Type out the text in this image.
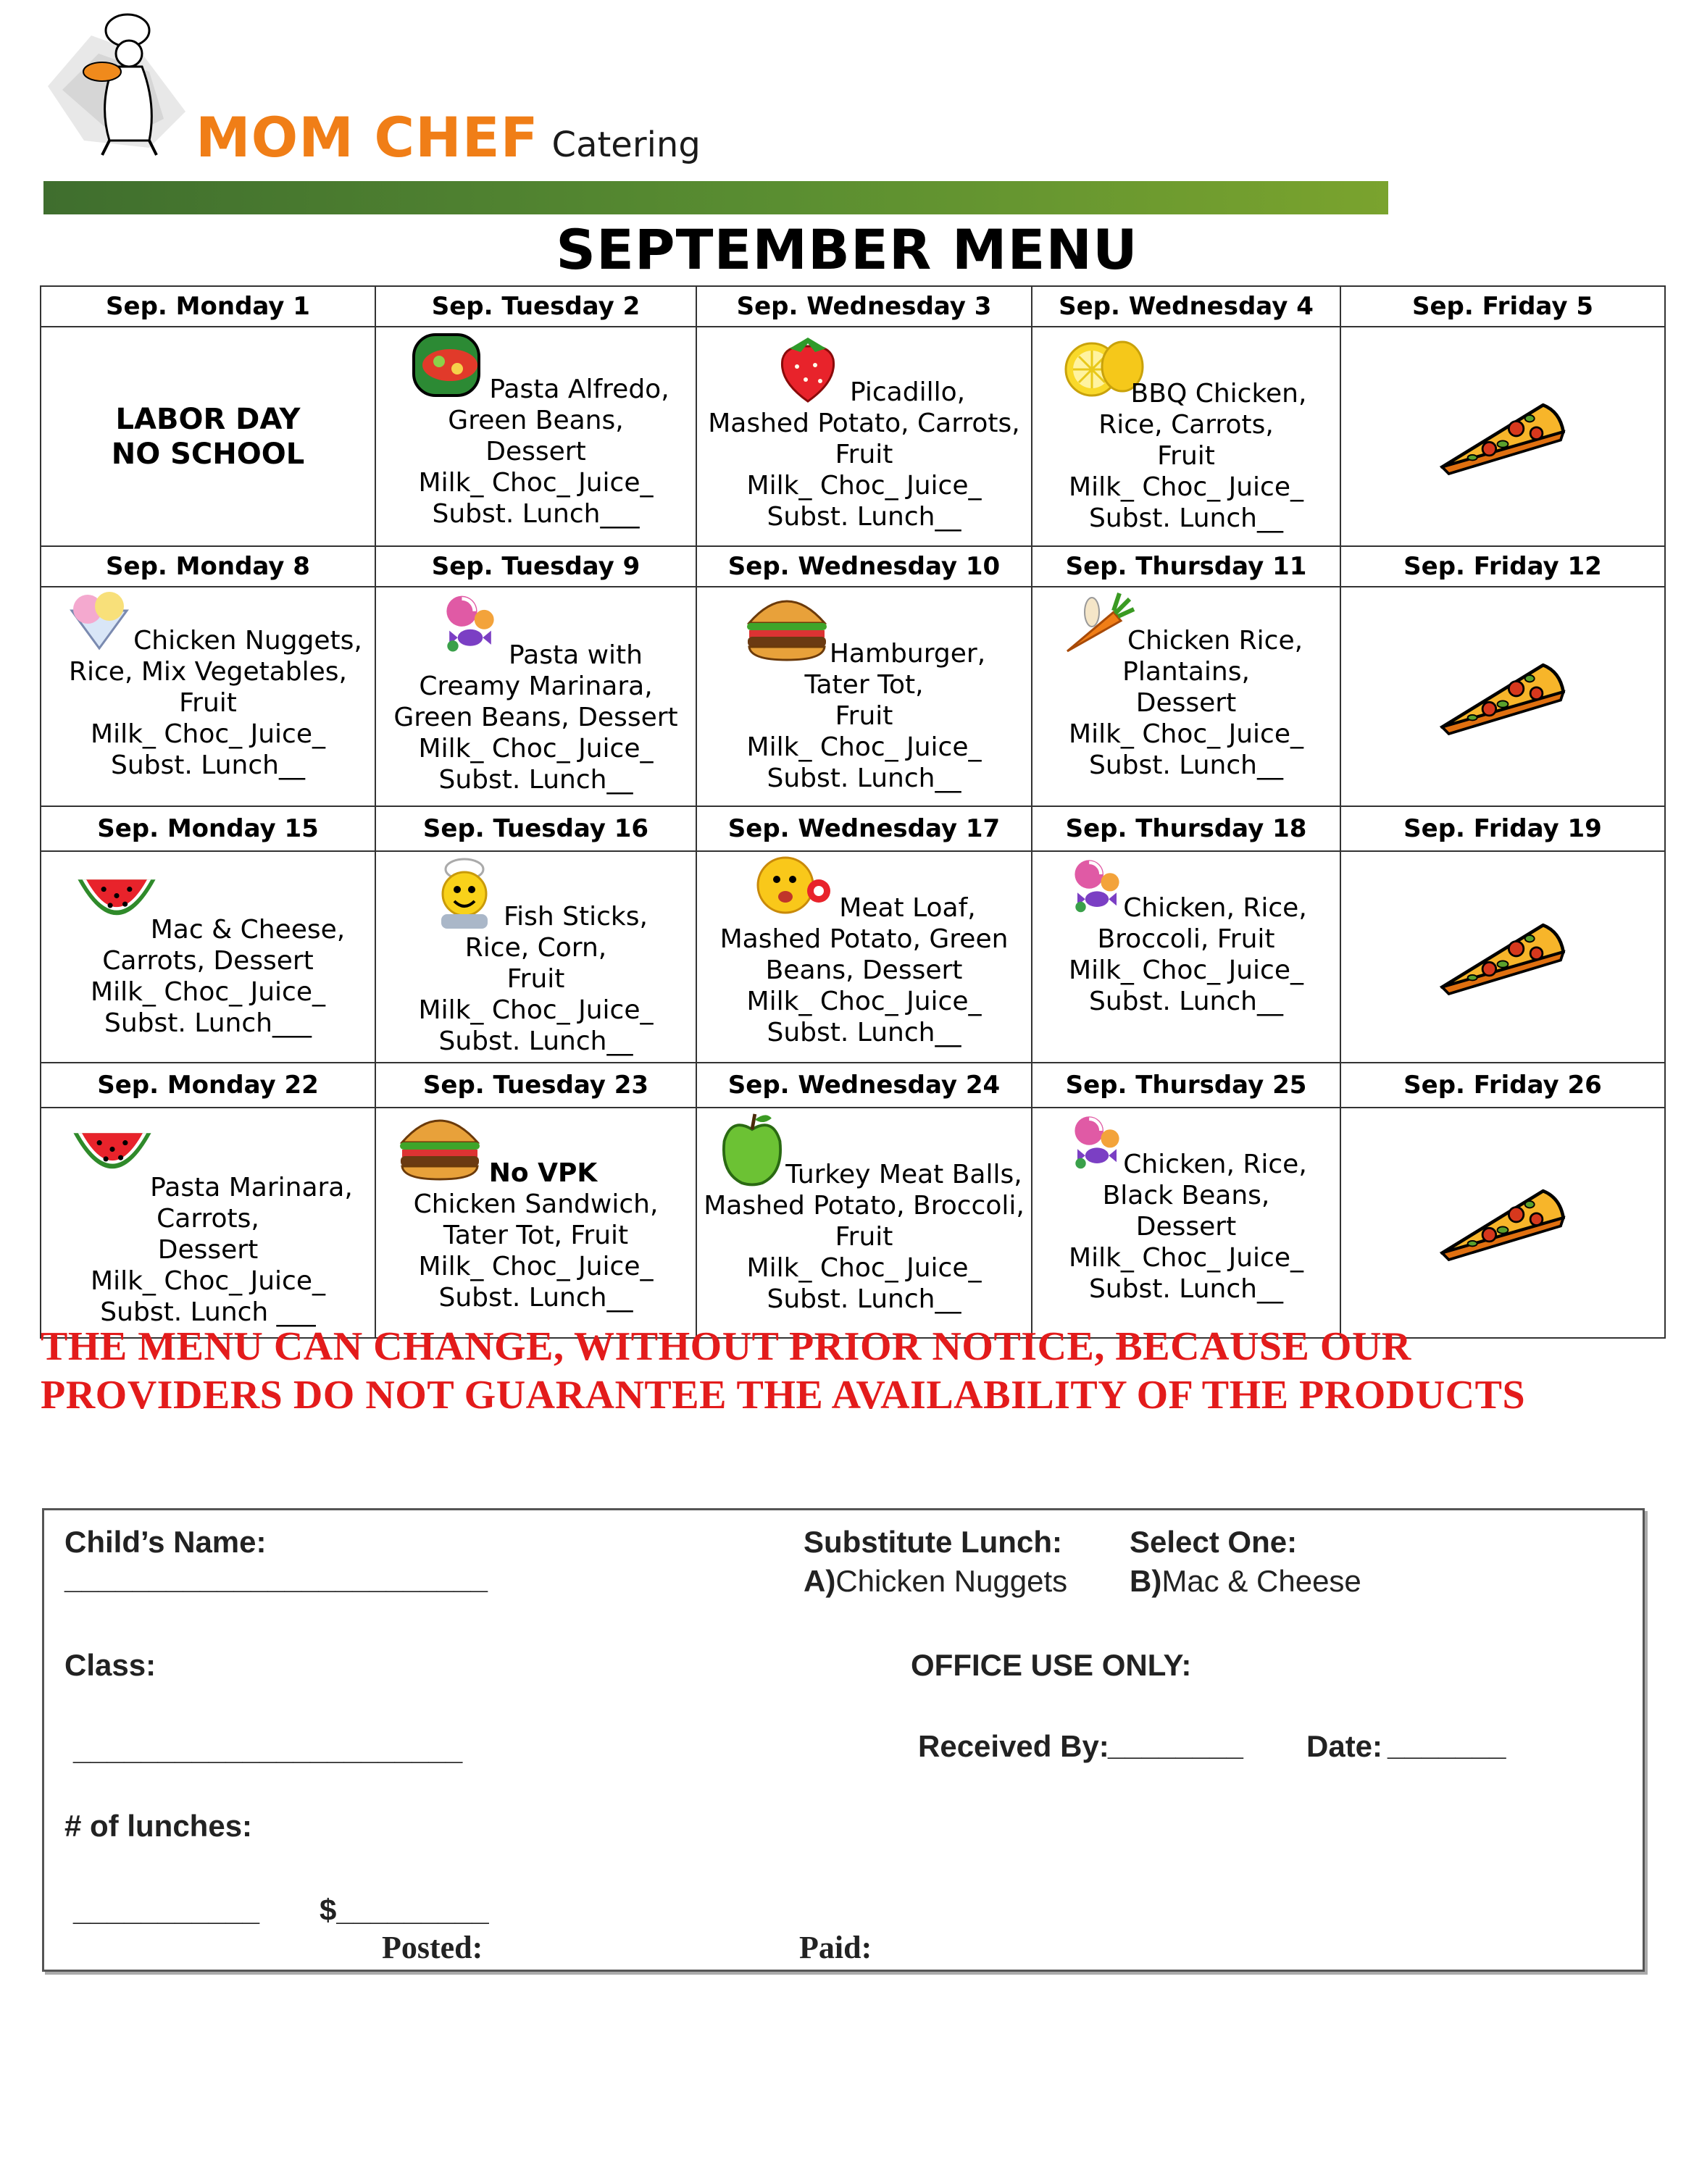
MOM CHEF Catering
SEPTEMBER MENU
Sep. Monday 1	Sep. Tuesday 2	Sep. Wednesday 3	Sep. Wednesday 4	Sep. Friday 5

LABOR DAY
NO SCHOOL	Pasta Alfredo,
Green Beans,
Dessert
Milk_ Choc_ Juice_
Subst. Lunch___	Picadillo,
Mashed Potato, Carrots,
Fruit
Milk_ Choc_ Juice_
Subst. Lunch__	BBQ Chicken,
Rice, Carrots,
Fruit
Milk_ Choc_ Juice_
Subst. Lunch__

Sep. Monday 8	Sep. Tuesday 9	Sep. Wednesday 10	Sep. Thursday 11	Sep. Friday 12

Chicken Nuggets,
Rice, Mix Vegetables,
Fruit
Milk_ Choc_ Juice_
Subst. Lunch__	Pasta with
Creamy Marinara,
Green Beans, Dessert
Milk_ Choc_ Juice_
Subst. Lunch__	Hamburger,
Tater Tot,
Fruit
Milk_ Choc_ Juice_
Subst. Lunch__	Chicken Rice,
Plantains,
Dessert
Milk_ Choc_ Juice_
Subst. Lunch__

Sep. Monday 15	Sep. Tuesday 16	Sep. Wednesday 17	Sep. Thursday 18	Sep. Friday 19

Mac & Cheese,
Carrots, Dessert
Milk_ Choc_ Juice_
Subst. Lunch___	Fish Sticks,
Rice, Corn,
Fruit
Milk_ Choc_ Juice_
Subst. Lunch__	Meat Loaf,
Mashed Potato, Green
Beans, Dessert
Milk_ Choc_ Juice_
Subst. Lunch__	Chicken, Rice,
Broccoli, Fruit
Milk_ Choc_ Juice_
Subst. Lunch__

Sep. Monday 22	Sep. Tuesday 23	Sep. Wednesday 24	Sep. Thursday 25	Sep. Friday 26

Pasta Marinara,
Carrots,
Dessert
Milk_ Choc_ Juice_
Subst. Lunch ___	No VPK
Chicken Sandwich,
Tater Tot, Fruit
Milk_ Choc_ Juice_
Subst. Lunch__	Turkey Meat Balls,
Mashed Potato, Broccoli,
Fruit
Milk_ Choc_ Juice_
Subst. Lunch__	Chicken, Rice,
Black Beans,
Dessert
Milk_ Choc_ Juice_
Subst. Lunch__

THE MENU CAN CHANGE, WITHOUT PRIOR NOTICE, BECAUSE OUR
PROVIDERS DO NOT GUARANTEE THE AVAILABILITY OF THE PRODUCTS
Child’s Name:
_________________________
Class:
_______________________
# of lunches:
___________ $_________
Posted:	Paid:
Substitute Lunch:
A)Chicken Nuggets
Select One:
B)Mac & Cheese
OFFICE USE ONLY:
Received By:
________ Date: _______
